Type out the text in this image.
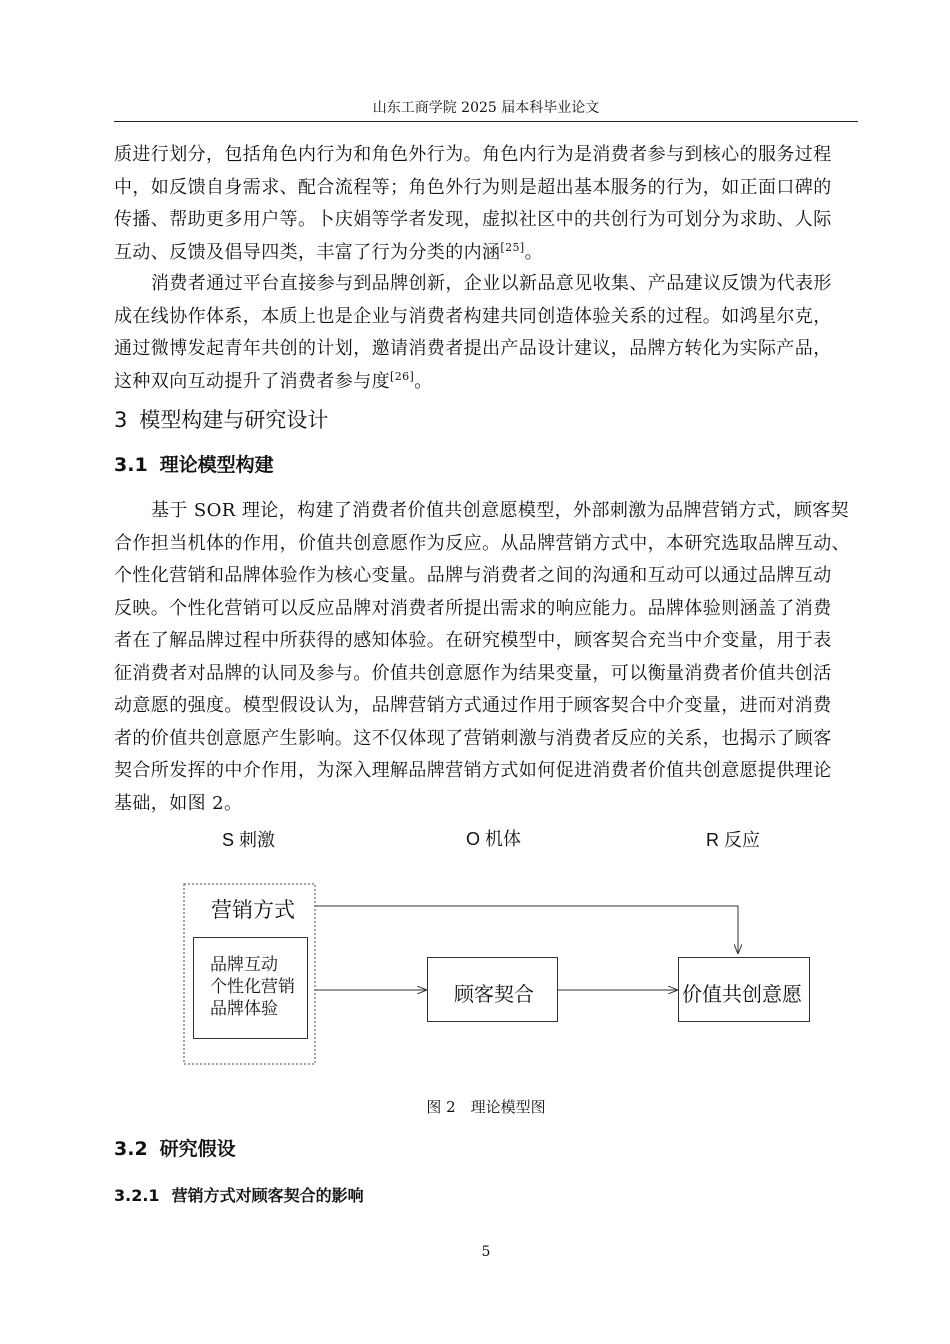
山东工商学院 2025 届本科毕业论文
质进行划分，包括角色内行为和角色外行为。角色内行为是消费者参与到核心的服务过程
中，如反馈自身需求、配合流程等；角色外行为则是超出基本服务的行为，如正面口碑的
传播、帮助更多用户等。卜庆娟等学者发现，虚拟社区中的共创行为可划分为求助、人际
互动、反馈及倡导四类，丰富了行为分类的内涵[25]。
消费者通过平台直接参与到品牌创新，企业以新品意见收集、产品建议反馈为代表形
成在线协作体系，本质上也是企业与消费者构建共同创造体验关系的过程。如鸿星尔克，
通过微博发起青年共创的计划，邀请消费者提出产品设计建议，品牌方转化为实际产品，
这种双向互动提升了消费者参与度[26]。
3 模型构建与研究设计
3.1 理论模型构建
基于 SOR 理论，构建了消费者价值共创意愿模型，外部刺激为品牌营销方式，顾客契
合作担当机体的作用，价值共创意愿作为反应。从品牌营销方式中，本研究选取品牌互动、
个性化营销和品牌体验作为核心变量。品牌与消费者之间的沟通和互动可以通过品牌互动
反映。个性化营销可以反应品牌对消费者所提出需求的响应能力。品牌体验则涵盖了消费
者在了解品牌过程中所获得的感知体验。在研究模型中，顾客契合充当中介变量，用于表
征消费者对品牌的认同及参与。价值共创意愿作为结果变量，可以衡量消费者价值共创活
动意愿的强度。模型假设认为，品牌营销方式通过作用于顾客契合中介变量，进而对消费
者的价值共创意愿产生影响。这不仅体现了营销刺激与消费者反应的关系，也揭示了顾客
契合所发挥的中介作用，为深入理解品牌营销方式如何促进消费者价值共创意愿提供理论
基础，如图 2。
S 刺激	O 机体	R 反应
营销方式
品牌互动
个性化营销
品牌体验
顾客契合	价值共创意愿
图 2　理论模型图
3.2 研究假设
3.2.1 营销方式对顾客契合的影响
5
